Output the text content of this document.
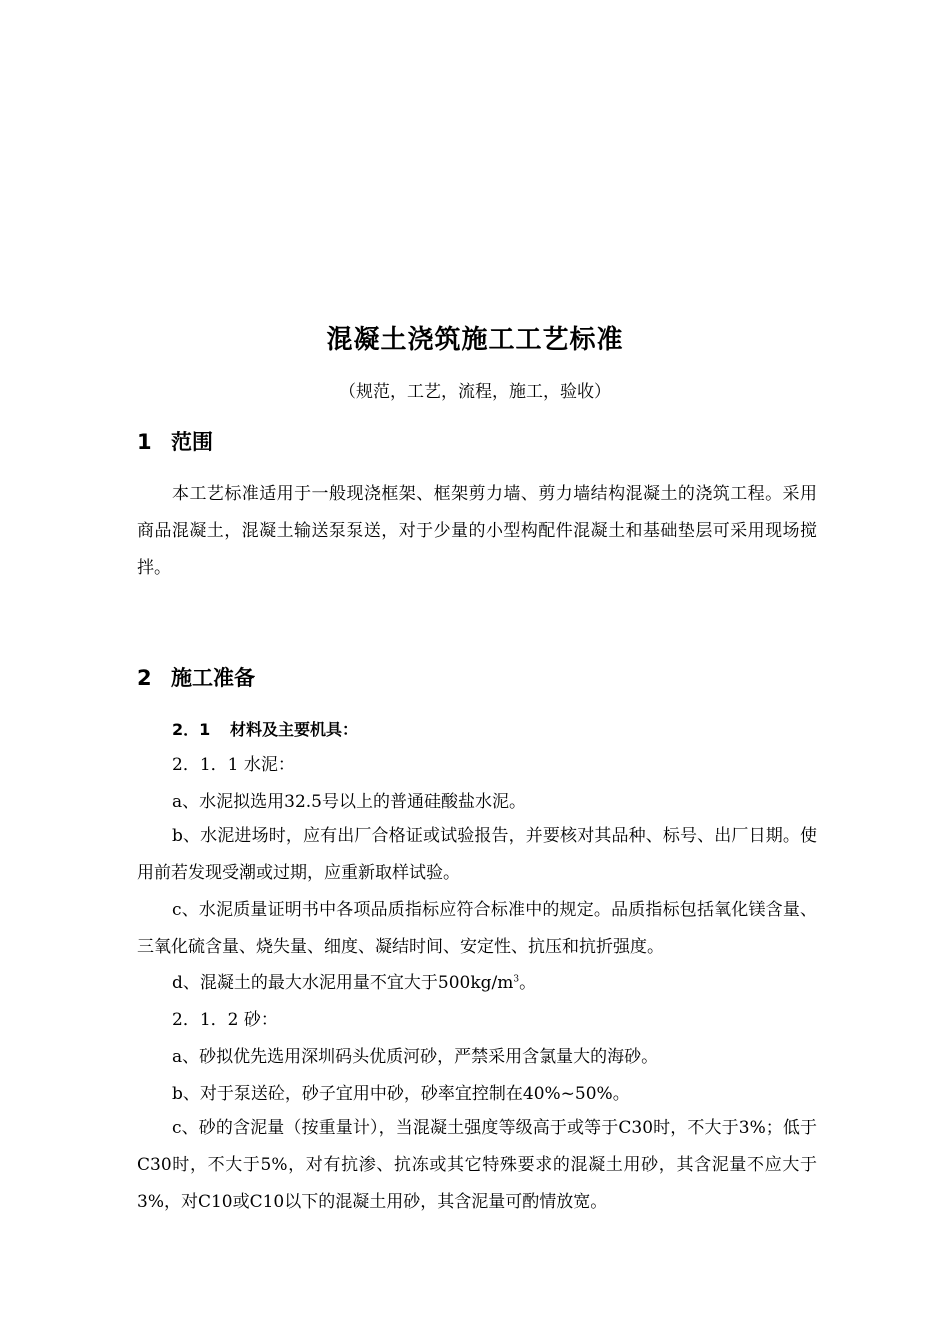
混凝土浇筑施工工艺标准
（规范，工艺，流程，施工，验收）
1 范围

本工艺标准适用于一般现浇框架、框架剪力墙、剪力墙结构混凝土的浇筑工程。采用商品混凝土，混凝土输送泵泵送，对于少量的小型构配件混凝土和基础垫层可采用现场搅拌。

2 施工准备
2．1 材料及主要机具：
2．1．1 水泥：
a、水泥拟选用32.5号以上的普通硅酸盐水泥。

b、水泥进场时，应有出厂合格证或试验报告，并要核对其品种、标号、出厂日期。使用前若发现受潮或过期，应重新取样试验。

c、水泥质量证明书中各项品质指标应符合标准中的规定。品质指标包括氧化镁含量、三氧化硫含量、烧失量、细度、凝结时间、安定性、抗压和抗折强度。

d、混凝土的最大水泥用量不宜大于$500kg/m^3$。
2．1．2 砂：
a、砂拟优先选用深圳码头优质河砂，严禁采用含氯量大的海砂。
b、对于泵送砼，砂子宜用中砂，砂率宜控制在40%~50%。

c、砂的含泥量（按重量计），当混凝土强度等级高于或等于C30时，不大于3%；低于C30时，不大于5%，对有抗渗、抗冻或其它特殊要求的混凝土用砂，其含泥量不应大于3%，对C10或C10以下的混凝土用砂，其含泥量可酌情放宽。
